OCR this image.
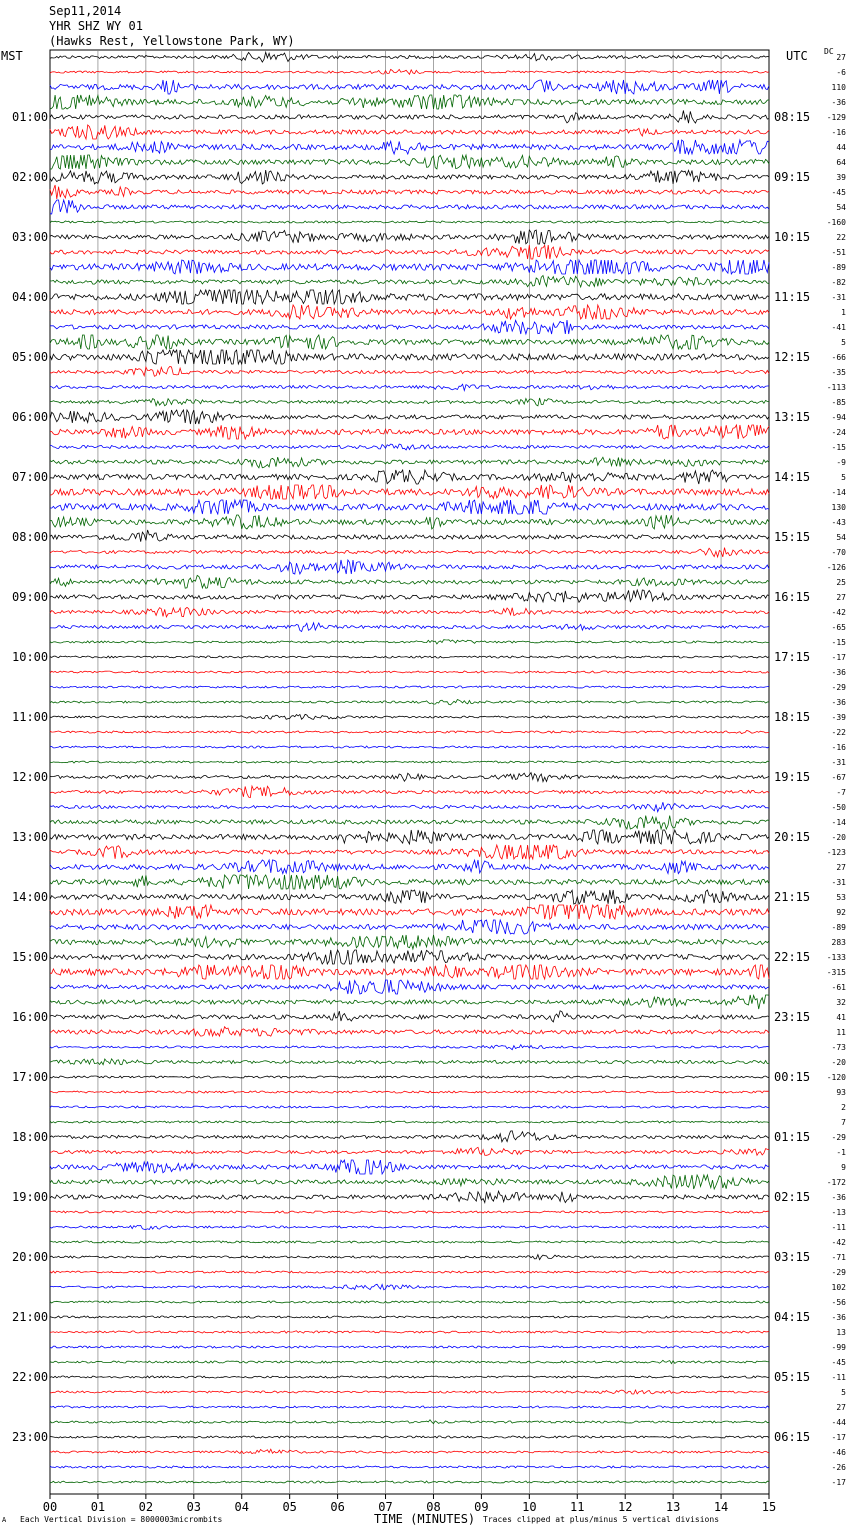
00	01	02	03	04	05	06	07	08	09	10	11	12	13	14	15
01:00
02:00
03:00
04:00
05:00
06:00
07:00
08:00
09:00
10:00
11:00
12:00
13:00
14:00
15:00
16:00
17:00
18:00
19:00
20:00
21:00
22:00
23:00
08:15
09:15
10:15
11:15
12:15
13:15
14:15
15:15
16:15
17:15
18:15
19:15
20:15
21:15
22:15
23:15
00:15
01:15
02:15
03:15
04:15
05:15
06:15
27
-6
110
-36
-129
-16
44
64
39
-45
54
-160
22
-51
-89
-82
-31
1
-41
5
-66
-35
-113
-85
-94
-24
-15
-9
5
-14
130
-43
54
-70
-126
25
27
-42
-65
-15
-17
-36
-29
-36
-39
-22
-16
-31
-67
-7
-50
-14
-20
-123
27
-31
53
92
-89
283
-133
-315
-61
32
41
11
-73
-20
-120
93
2
7
-29
-1
9
-172
-36
-13
-11
-42
-71
-29
102
-56
-36
13
-99
-45
-11
5
27
-44
-17
-46
-26
-17
Sep11,2014
YHR SHZ WY 01
(Hawks Rest, Yellowstone Park, WY)
MST	UTC DC
A Each Vertical Division = 8000003micrombits	TIME (MINUTES) Traces clipped at plus/minus 5 vertical divisions
